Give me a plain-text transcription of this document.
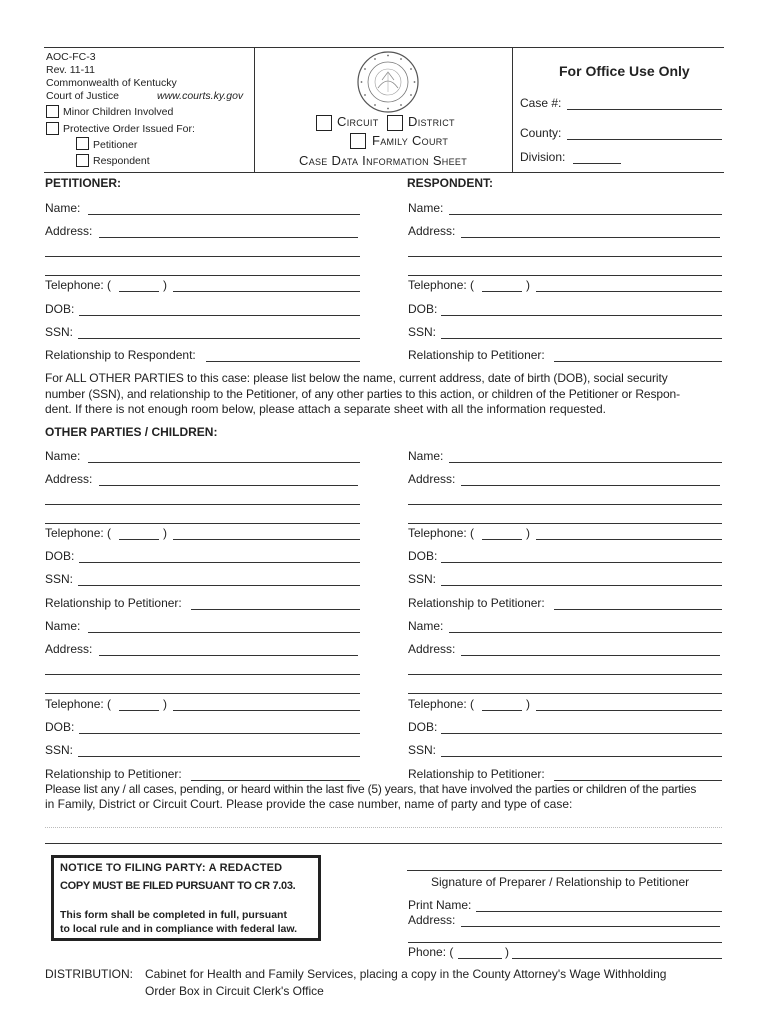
AOC-FC-3
Rev. 11-11
Commonwealth of Kentucky
Court of Justice	www.courts.ky.gov
Minor Children Involved
Protective Order Issued For:
Petitioner
Respondent
Circuit District
Family Court
Case Data Information Sheet
For Office Use Only
Case #:
County:
Division:
PETITIONER:	RESPONDENT:
Name:
Address:
Telephone: (	)
DOB:
SSN:
Relationship to Respondent:
Name:
Address:
Telephone: (	)
DOB:
SSN:
Relationship to Petitioner:
For ALL OTHER PARTIES to this case: please list below the name, current address, date of birth (DOB), social security
number (SSN), and relationship to the Petitioner, of any other parties to this action, or children of the Petitioner or Respon-
dent. If there is not enough room below, please attach a separate sheet with all the information requested.
OTHER PARTIES / CHILDREN:
Name:
Address:
Telephone: (	)
DOB:
SSN:
Relationship to Petitioner:
Name:
Address:
Telephone: (	)
DOB:
SSN:
Relationship to Petitioner:
Name:
Address:
Telephone: (	)
DOB:
SSN:
Relationship to Petitioner:
Name:
Address:
Telephone: (	)
DOB:
SSN:
Relationship to Petitioner:
Please list any / all cases, pending, or heard within the last five (5) years, that have involved the parties or children of the parties
in Family, District or Circuit Court. Please provide the case number, name of party and type of case:
NOTICE TO FILING PARTY: A REDACTED
COPY MUST BE FILED PURSUANT TO CR 7.03.
This form shall be completed in full, pursuant
to local rule and in compliance with federal law.
Signature of Preparer / Relationship to Petitioner
Print Name:
Address:
Phone: (	)
DISTRIBUTION: Cabinet for Health and Family Services, placing a copy in the County Attorney's Wage Withholding
Order Box in Circuit Clerk's Office
